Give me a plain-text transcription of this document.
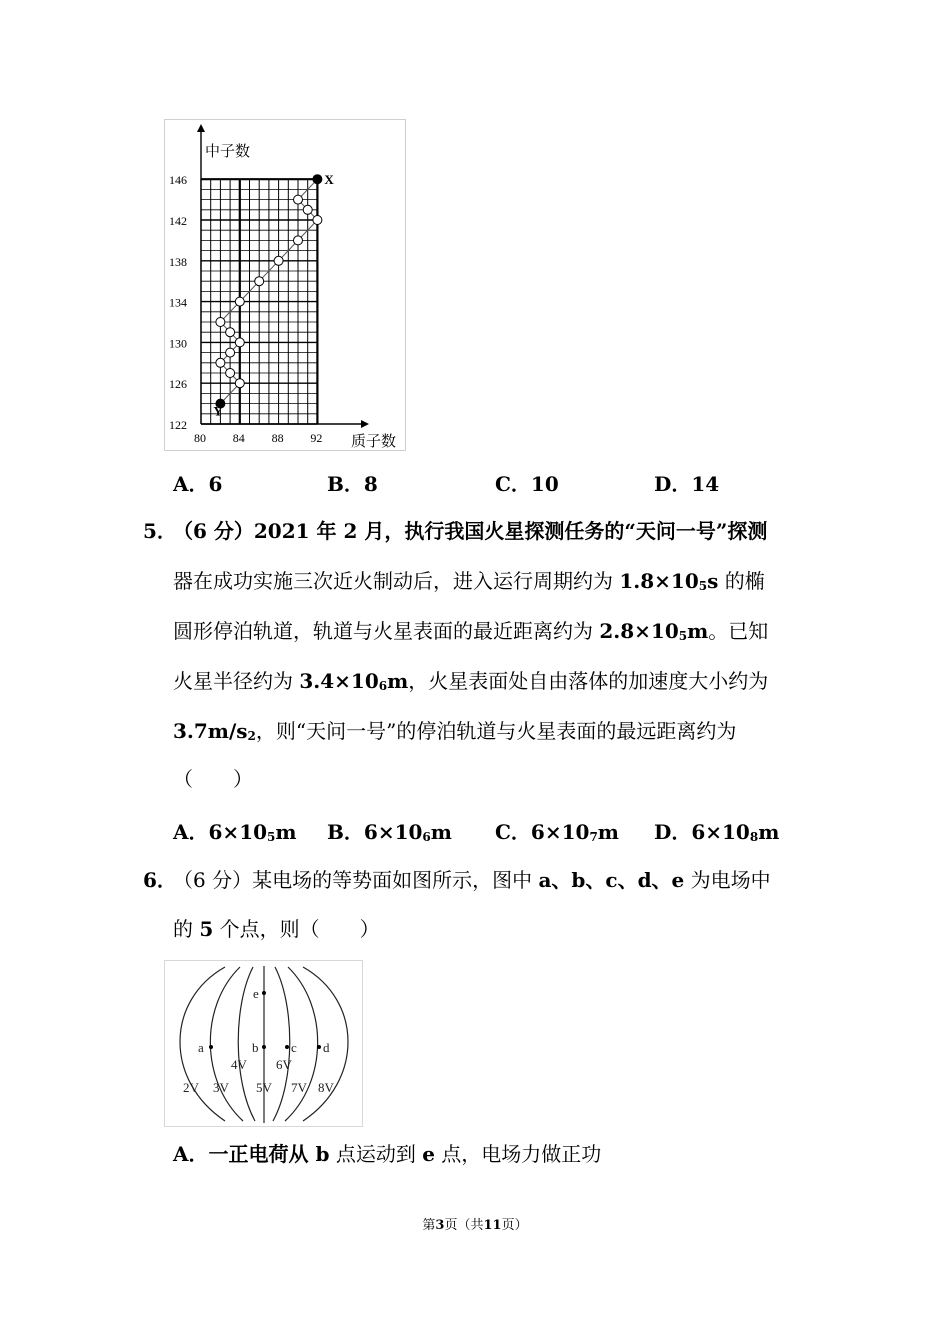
122
126
130
134
138
142
146
80 84 88 92
中子数
质子数
X
Y
A．6	B．8	C．10	D．14
5．
（6 分）2021 年 2 月，执行我国火星探测任务的“天问一号”探测
器在成功实施三次近火制动后，进入运行周期约为 $1.8\times 10^5s$ 的椭
圆形停泊轨道，轨道与火星表面的最近距离约为 $2.8\times 10^5m$。已知
火星半径约为 $3.4\times 10^6m$，火星表面处自由落体的加速度大小约为
$3.7m/s^2$，则“天问一号”的停泊轨道与火星表面的最远距离约为
（　　）
A．$6\times 10^5m$ B．$6\times 10^6m$ C．$6\times 10^7m$ D．$6\times 10^8m$
6．
（6 分）某电场的等势面如图所示，图中 a、b、c、d、e 为电场中
的 5 个点，则（　　）
e
a	b	c d
4V 6V
2V 3V 5V 7V 8V
A．一正电荷从 b 点运动到 e 点，电场力做正功
第3页（共11页）
